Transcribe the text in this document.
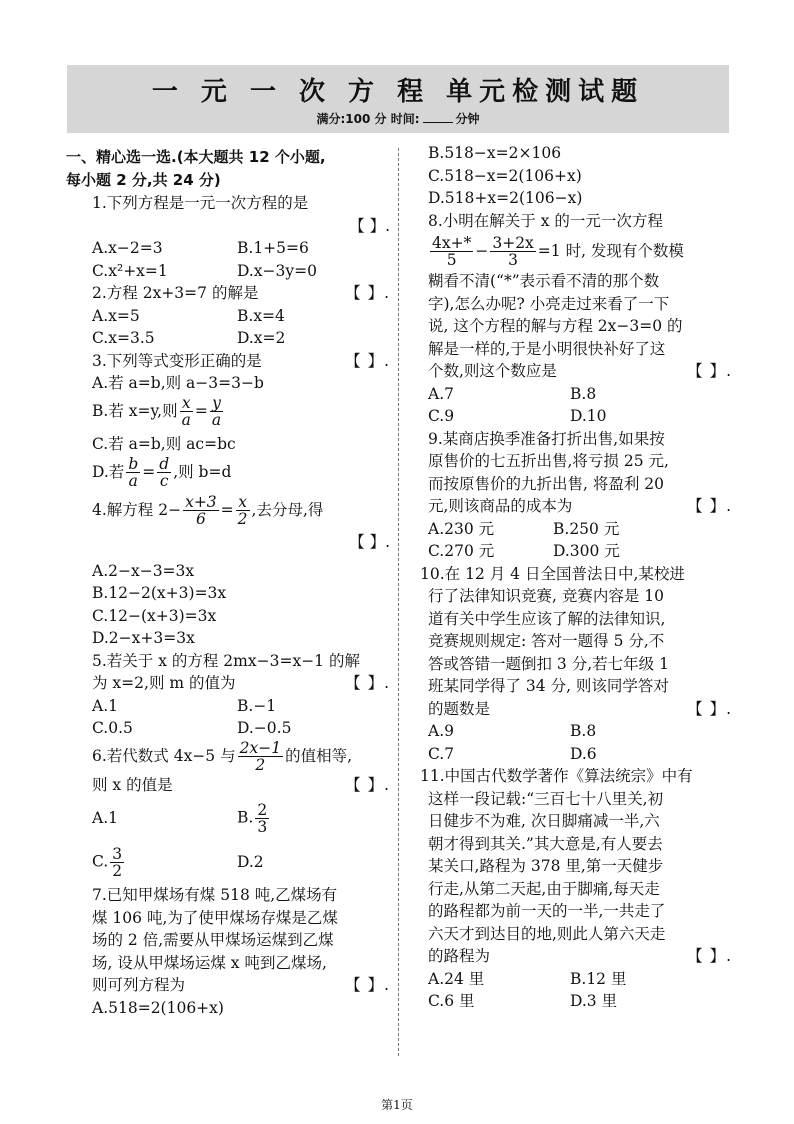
一 元 一 次 方 程 单元检测试题
满分:100 分 时间:	分钟
一、精心选一选.(本大题共 12 个小题,
每小题 2 分,共 24 分)
1.下列方程是一元一次方程的是
【 】.
A.x−2=3	B.1+5=6
C.x²+x=1	D.x−3y=0
2.方程 2x+3=7 的解是	【 】.
A.x=5	B.x=4
C.x=3.5	D.x=2
3.下列等式变形正确的是	【 】.
A.若 a=b,则 a−3=3−b
B.若 x=y,则 $\frac{x}{a} = \frac{y}{a}$
C.若 a=b,则 ac=bc
D.若 $\frac{b}{a} = \frac{d}{c}$ ,则 b=d
4.解方程 $2- \frac{x+3}{6} = \frac{x}{2}$ ,去分母,得
【 】.
A.2−x−3=3x
B.12−2(x+3)=3x
C.12−(x+3)=3x
D.2−x+3=3x
5.若关于 x 的方程 2mx−3=x−1 的解
为 x=2,则 m 的值为	【 】.
A.1	B.−1
C.0.5	D.−0.5
6.若代数式 4x−5 与 $\frac{2x-1}{2}$ 的值相等,
则 x 的值是	【 】.
A.1	B. $\frac{2}{3}$
C. $\frac{3}{2}$	D.2
7.已知甲煤场有煤 518 吨,乙煤场有
煤 106 吨,为了使甲煤场存煤是乙煤
场的 2 倍,需要从甲煤场运煤到乙煤
场, 设从甲煤场运煤 x 吨到乙煤场,
则可列方程为	【 】.
A.518=2(106+x)
B.518−x=2×106
C.518−x=2(106+x)
D.518+x=2(106−x)
8.小明在解关于 x 的一元一次方程
$\frac{4x+*}{5} - \frac{3+2x}{3} =1$ 时, 发现有个数模
糊看不清(“*”表示看不清的那个数
字),怎么办呢? 小亮走过来看了一下
说, 这个方程的解与方程 2x−3=0 的
解是一样的,于是小明很快补好了这
个数,则这个数应是	【 】.
A.7	B.8
C.9	D.10
9.某商店换季准备打折出售,如果按
原售价的七五折出售,将亏损 25 元,
而按原售价的九折出售, 将盈利 20
元,则该商品的成本为	【 】.
A.230 元	B.250 元
C.270 元	D.300 元
10.在 12 月 4 日全国普法日中,某校进
行了法律知识竞赛, 竞赛内容是 10
道有关中学生应该了解的法律知识,
竞赛规则规定: 答对一题得 5 分,不
答或答错一题倒扣 3 分,若七年级 1
班某同学得了 34 分, 则该同学答对
的题数是	【 】.
A.9	B.8
C.7	D.6
11.中国古代数学著作《算法统宗》中有
这样一段记载:“三百七十八里关,初
日健步不为难, 次日脚痛减一半,六
朝才得到其关.”其大意是,有人要去
某关口,路程为 378 里,第一天健步
行走,从第二天起,由于脚痛,每天走
的路程都为前一天的一半,一共走了
六天才到达目的地,则此人第六天走
的路程为	【 】.
A.24 里	B.12 里
C.6 里	D.3 里
第1页
